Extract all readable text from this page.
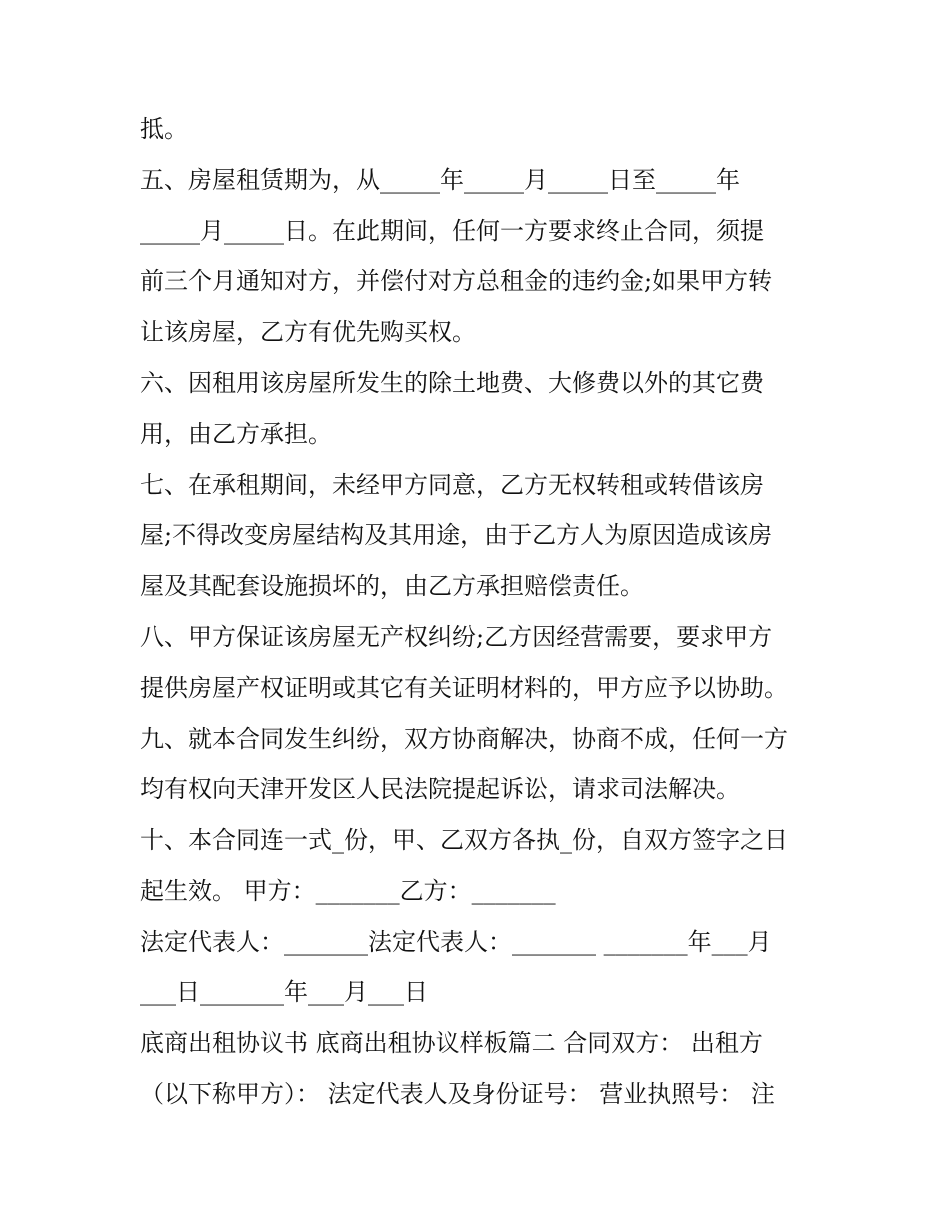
抵。
五、房屋租赁期为，从_____年_____月_____日至_____年
_____月_____日。在此期间，任何一方要求终止合同，须提
前三个月通知对方，并偿付对方总租金的违约金;如果甲方转
让该房屋，乙方有优先购买权。
六、因租用该房屋所发生的除土地费、大修费以外的其它费
用，由乙方承担。
七、在承租期间，未经甲方同意，乙方无权转租或转借该房
屋;不得改变房屋结构及其用途，由于乙方人为原因造成该房
屋及其配套设施损坏的，由乙方承担赔偿责任。
八、甲方保证该房屋无产权纠纷;乙方因经营需要，要求甲方
提供房屋产权证明或其它有关证明材料的，甲方应予以协助。
九、就本合同发生纠纷，双方协商解决，协商不成，任何一方
均有权向天津开发区人民法院提起诉讼，请求司法解决。
十、本合同连一式_份，甲、乙双方各执_份，自双方签字之日
起生效。 甲方：_______乙方：_______
法定代表人：_______法定代表人：_______ _______年___月
___日_______年___月___日
底商出租协议书 底商出租协议样板篇二 合同双方： 出租方
（以下称甲方）： 法定代表人及身份证号： 营业执照号： 注
